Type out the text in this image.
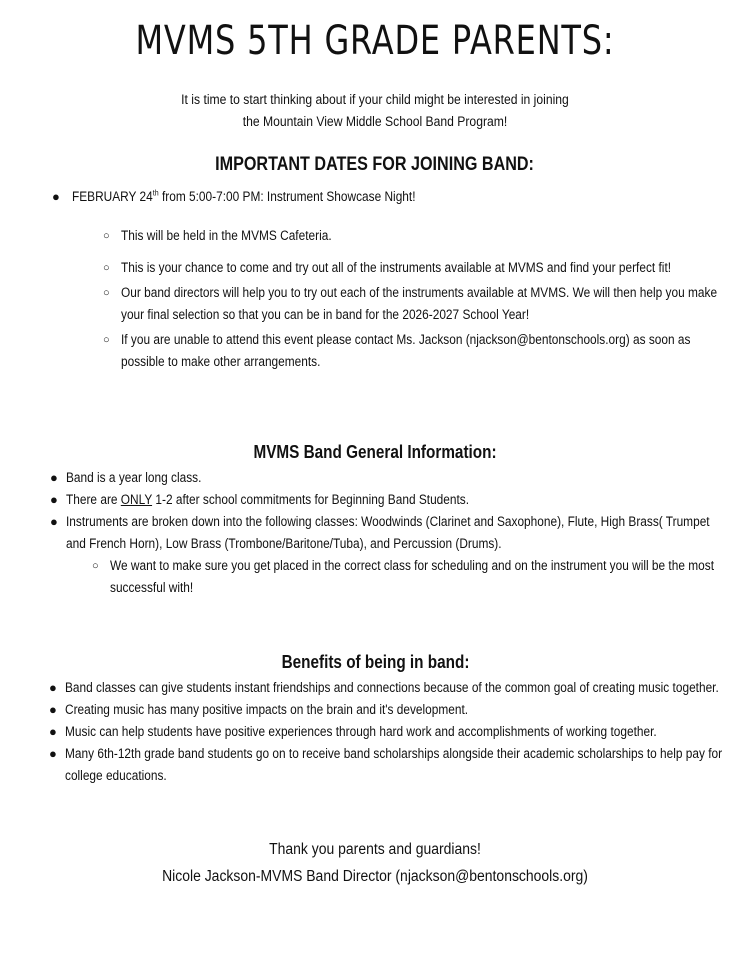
MVMS 5TH GRADE PARENTS:
It is time to start thinking about if your child might be interested in joining
the Mountain View Middle School Band Program!
IMPORTANT DATES FOR JOINING BAND:
● FEBRUARY 24th from 5:00-7:00 PM: Instrument Showcase Night!
○ This will be held in the MVMS Cafeteria.
○ This is your chance to come and try out all of the instruments available at MVMS and find your perfect fit!
○ Our band directors will help you to try out each of the instruments available at MVMS. We will then help you make your final selection so that you can be in band for the 2026-2027 School Year!
○ If you are unable to attend this event please contact Ms. Jackson (njackson@bentonschools.org) as soon as possible to make other arrangements.
MVMS Band General Information:
● Band is a year long class.
● There are ONLY 1-2 after school commitments for Beginning Band Students.
● Instruments are broken down into the following classes: Woodwinds (Clarinet and Saxophone), Flute, High Brass( Trumpet and French Horn), Low Brass (Trombone/Baritone/Tuba), and Percussion (Drums).
○ We want to make sure you get placed in the correct class for scheduling and on the instrument you will be the most successful with!
Benefits of being in band:
● Band classes can give students instant friendships and connections because of the common goal of creating music together.
● Creating music has many positive impacts on the brain and it's development.
● Music can help students have positive experiences through hard work and accomplishments of working together.
● Many 6th-12th grade band students go on to receive band scholarships alongside their academic scholarships to help pay for college educations.
Thank you parents and guardians!
Nicole Jackson-MVMS Band Director (njackson@bentonschools.org)
